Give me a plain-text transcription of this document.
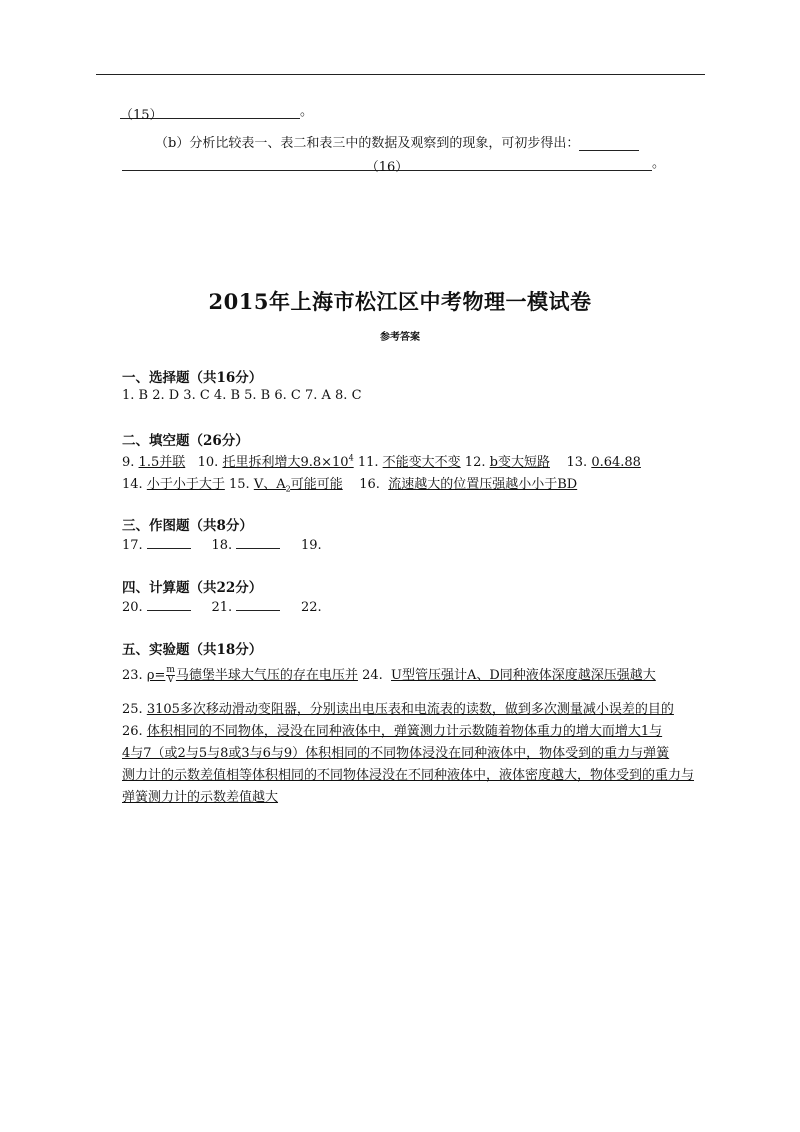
（15）	。
（b）分析比较表一、表二和表三中的数据及观察到的现象，可初步得出：
（16）	。
2015年上海市松江区中考物理一模试卷
参考答案
一、选择题（共16分）
1. B 2. D 3. C 4. B 5. B 6. C 7. A 8. C
二、填空题（26分）
9. 1.5并联 10. 托里拆利增大$9.8\times 10^4$ 11. 不能变大不变 12. b变大短路 13. 0.64.88
14. 小于小于大于 15. V、$A_2$可能可能 16. 流速越大的位置压强越小小于BD
三、作图题（共8分）
17.	18.	19.
四、计算题（共22分）
20.	21.	22.
五、实验题（共18分）
23. $\rho= \frac{m}{V}$ 马德堡半球大气压的存在电压并 24. U型管压强计A、D同种液体深度越深压强越大
25. 3105多次移动滑动变阻器，分别读出电压表和电流表的读数，做到多次测量减小误差的目的
26. 体积相同的不同物体，浸没在同种液体中，弹簧测力计示数随着物体重力的增大而增大1与
4与7（或2与5与8或3与6与9）体积相同的不同物体浸没在同种液体中，物体受到的重力与弹簧
测力计的示数差值相等体积相同的不同物体浸没在不同种液体中，液体密度越大，物体受到的重力与
弹簧测力计的示数差值越大
